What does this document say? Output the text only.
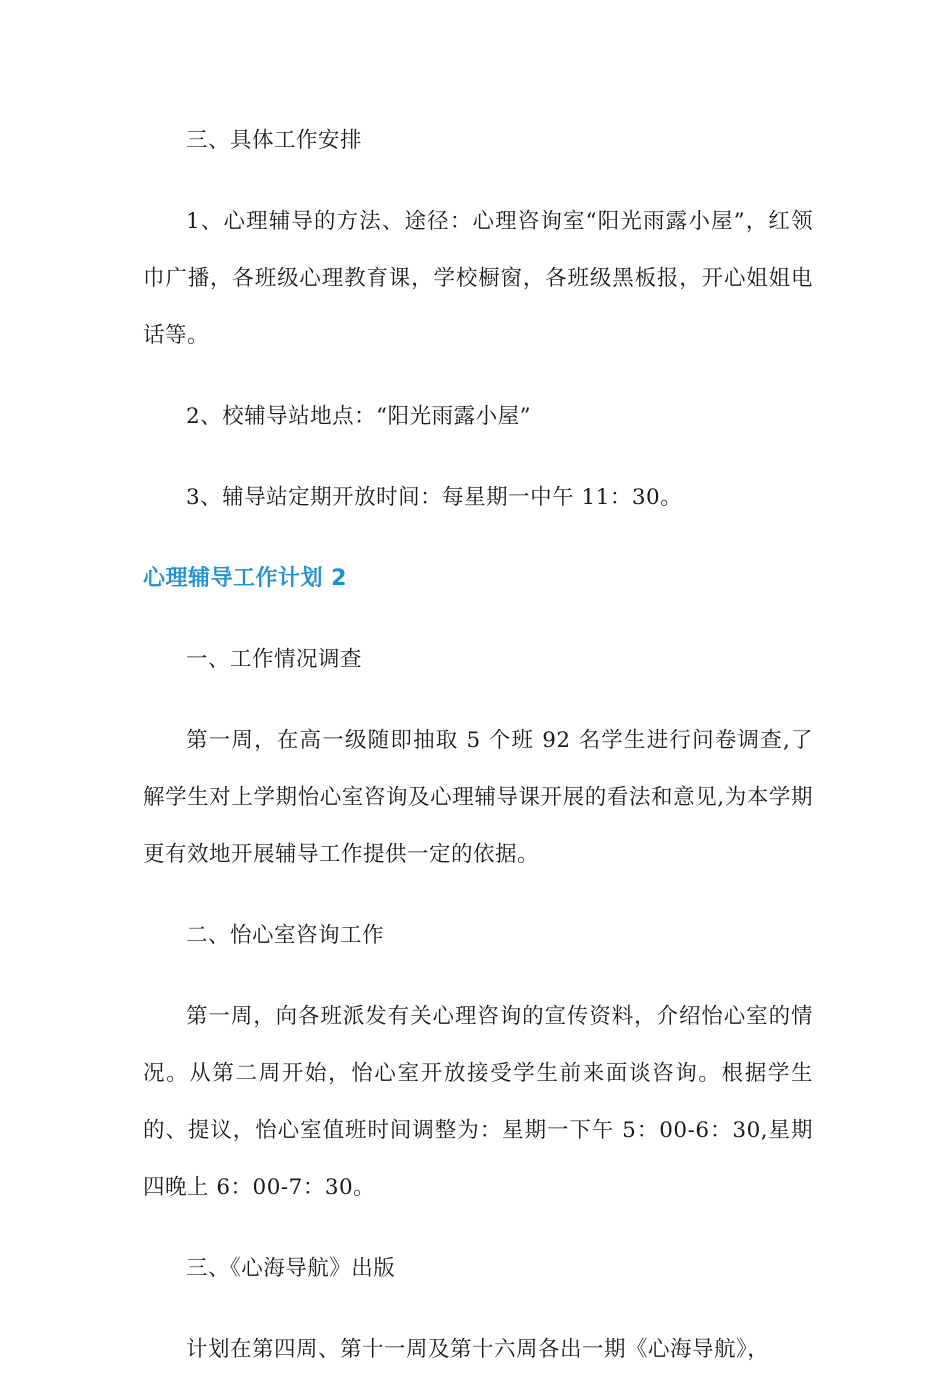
三、具体工作安排

1、心理辅导的方法、途径：心理咨询室“阳光雨露小屋”，红领巾广播，各班级心理教育课，学校橱窗，各班级黑板报，开心姐姐电话等。

2、校辅导站地点：“阳光雨露小屋”

3、辅导站定期开放时间：每星期一中午 11：30。

心理辅导工作计划 2

一、工作情况调查

第一周，在高一级随即抽取 5 个班 92 名学生进行问卷调查,了解学生对上学期怡心室咨询及心理辅导课开展的看法和意见,为本学期更有效地开展辅导工作提供一定的依据。

二、怡心室咨询工作

第一周，向各班派发有关心理咨询的宣传资料，介绍怡心室的情况。从第二周开始，怡心室开放接受学生前来面谈咨询。根据学生的、提议，怡心室值班时间调整为：星期一下午 5：00-6：30,星期四晚上 6：00-7：30。

三、《心海导航》出版

计划在第四周、第十一周及第十六周各出一期《心海导航》，
